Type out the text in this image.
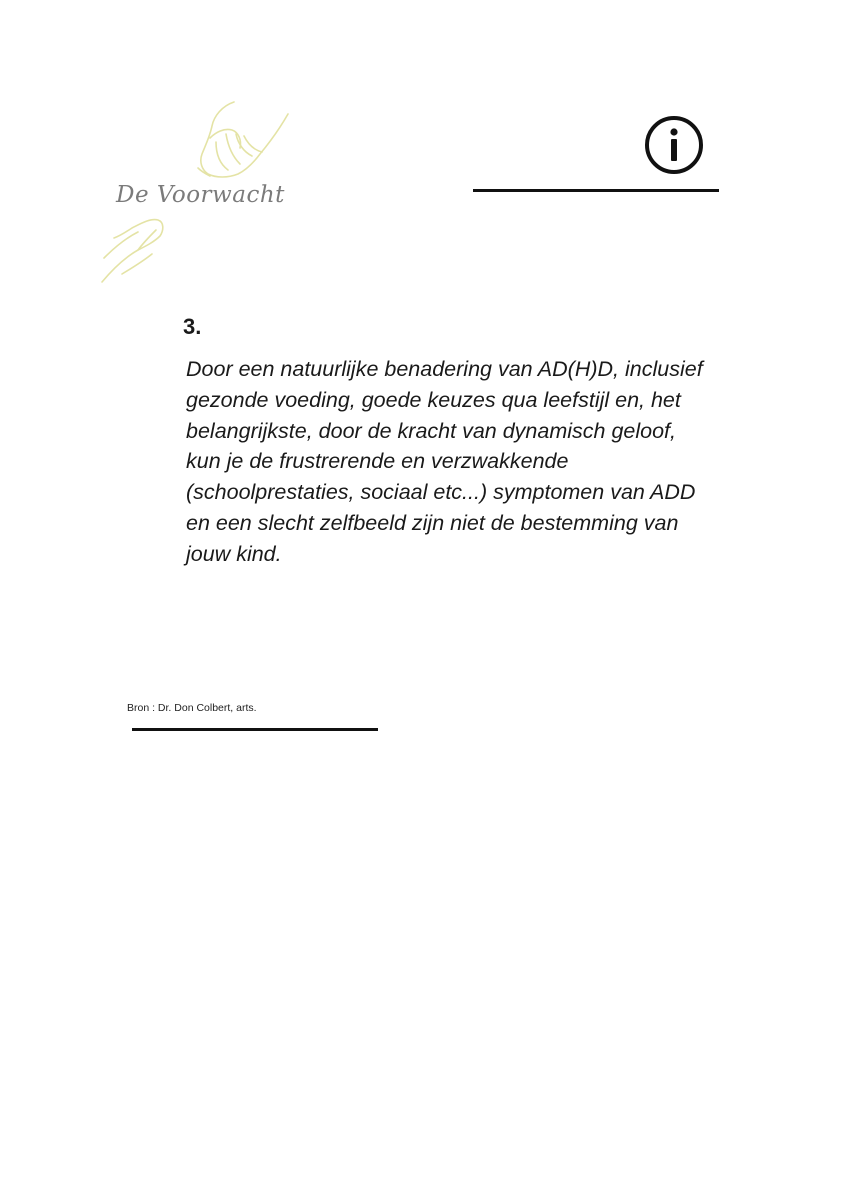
De Voorwacht
3.
Door een natuurlijke benadering van AD(H)D, inclusief
gezonde voeding, goede keuzes qua leefstijl en, het
belangrijkste, door de kracht van dynamisch geloof,
kun je de frustrerende en verzwakkende
(schoolprestaties, sociaal etc...) symptomen van ADD
en een slecht zelfbeeld zijn niet de bestemming van
jouw kind.
Bron : Dr. Don Colbert, arts.
